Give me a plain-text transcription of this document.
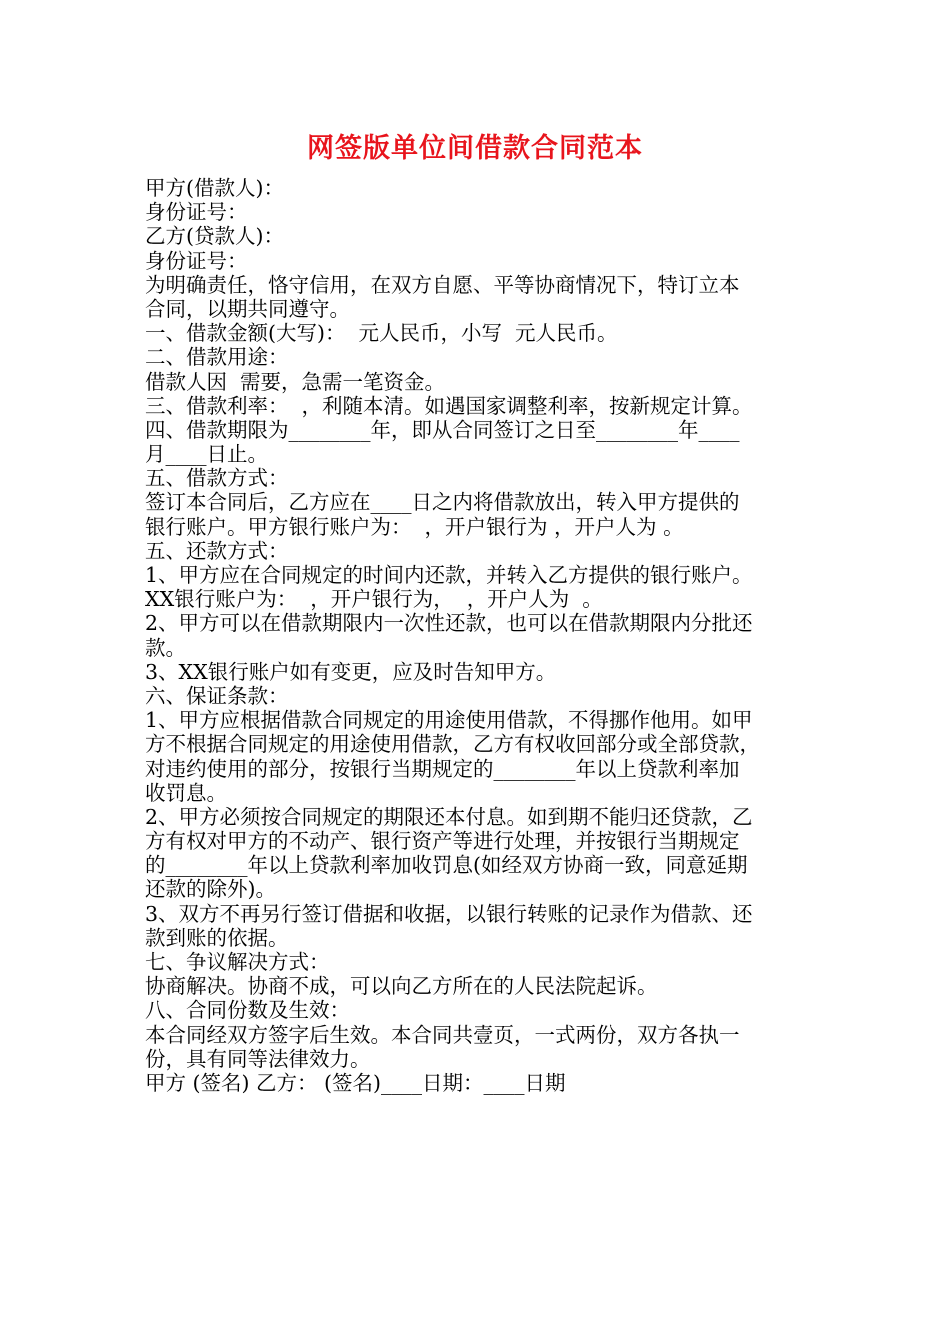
网签版单位间借款合同范本
甲方(借款人)：
身份证号：
乙方(贷款人)：
身份证号：
为明确责任，恪守信用，在双方自愿、平等协商情况下，特订立本
合同，以期共同遵守。
一、借款金额(大写)：  元人民币，小写  元人民币。
二、借款用途：
借款人因  需要，急需一笔资金。
三、借款利率：  ，利随本清。如遇国家调整利率，按新规定计算。
四、借款期限为________年，即从合同签订之日至________年____
月____日止。
五、借款方式：
签订本合同后，乙方应在____日之内将借款放出，转入甲方提供的
银行账户。甲方银行账户为：  ，开户银行为 ，开户人为 。
五、还款方式：
1、甲方应在合同规定的时间内还款，并转入乙方提供的银行账户。
XX银行账户为：  ，开户银行为，  ，开户人为  。
2、甲方可以在借款期限内一次性还款，也可以在借款期限内分批还
款。
3、XX银行账户如有变更，应及时告知甲方。
六、保证条款：
1、甲方应根据借款合同规定的用途使用借款，不得挪作他用。如甲
方不根据合同规定的用途使用借款，乙方有权收回部分或全部贷款，
对违约使用的部分，按银行当期规定的________年以上贷款利率加
收罚息。
2、甲方必须按合同规定的期限还本付息。如到期不能归还贷款，乙
方有权对甲方的不动产、银行资产等进行处理，并按银行当期规定
的________年以上贷款利率加收罚息(如经双方协商一致，同意延期
还款的除外)。
3、双方不再另行签订借据和收据，以银行转账的记录作为借款、还
款到账的依据。
七、争议解决方式：
协商解决。协商不成，可以向乙方所在的人民法院起诉。
八、合同份数及生效：
本合同经双方签字后生效。本合同共壹页，一式两份，双方各执一
份，具有同等法律效力。
甲方 (签名) 乙方： (签名)____日期：____日期
